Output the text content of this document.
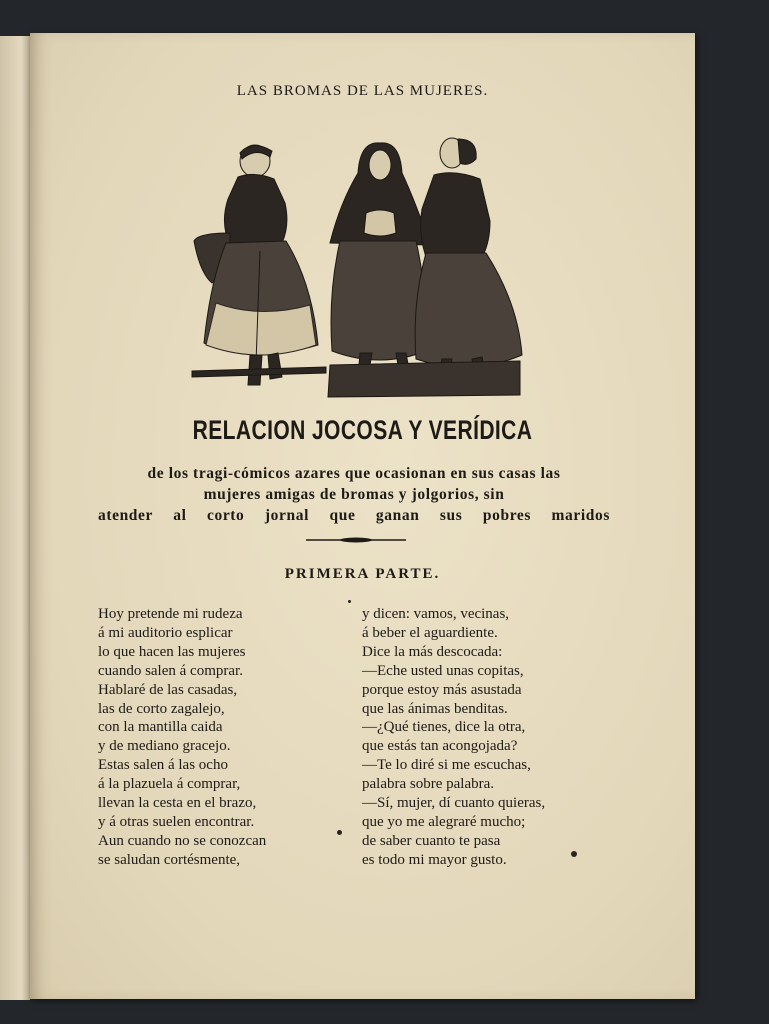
LAS BROMAS DE LAS MUJERES.
RELACION JOCOSA Y VERÍDICA
de los tragi-cómicos azares que ocasionan en sus casas las
mujeres amigas de bromas y jolgorios, sin
atender al corto jornal que ganan sus pobres maridos
PRIMERA PARTE.
Hoy pretende mi rudeza
á mi auditorio esplicar
lo que hacen las mujeres
cuando salen á comprar.
Hablaré de las casadas,
las de corto zagalejo,
con la mantilla caida
y de mediano gracejo.
Estas salen á las ocho
á la plazuela á comprar,
llevan la cesta en el brazo,
y á otras suelen encontrar.
Aun cuando no se conozcan
se saludan cortésmente,
y dicen: vamos, vecinas,
á beber el aguardiente.
Dice la más descocada:
—Eche usted unas copitas,
porque estoy más asustada
que las ánimas benditas.
—¿Qué tienes, dice la otra,
que estás tan acongojada?
—Te lo diré si me escuchas,
palabra sobre palabra.
—Sí, mujer, dí cuanto quieras,
que yo me alegraré mucho;
de saber cuanto te pasa
es todo mi mayor gusto.
